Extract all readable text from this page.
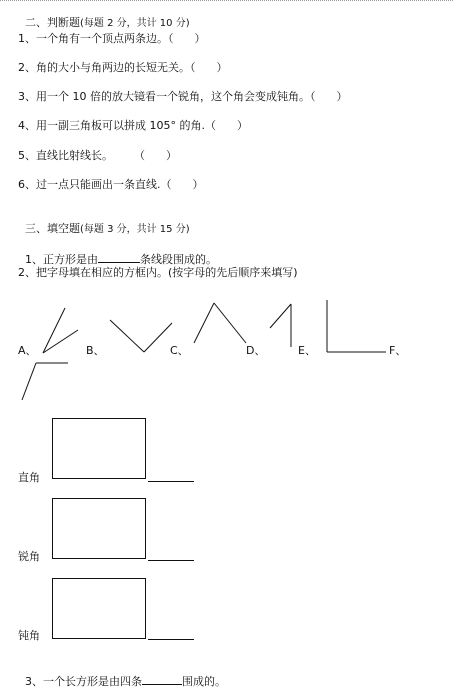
二、判断题(每题 2 分，共计 10 分)

1、一个角有一个顶点两条边。（      ）
2、角的大小与角两边的长短无关。（      ）
3、用一个 10 倍的放大镜看一个锐角，这个角会变成钝角。（      ）
4、用一副三角板可以拼成 105° 的角.（      ）
5、直线比射线长。      （      ）
6、过一点只能画出一条直线.（      ）

三、填空题(每题 3 分，共计 15 分)

1、正方形是由	条线段围成的。

2、把字母填在相应的方框内。(按字母的先后顺序来填写)
A、	B、	C、	D、	E、	F、
直角
锐角
钝角

3、一个长方形是由四条	围成的。
